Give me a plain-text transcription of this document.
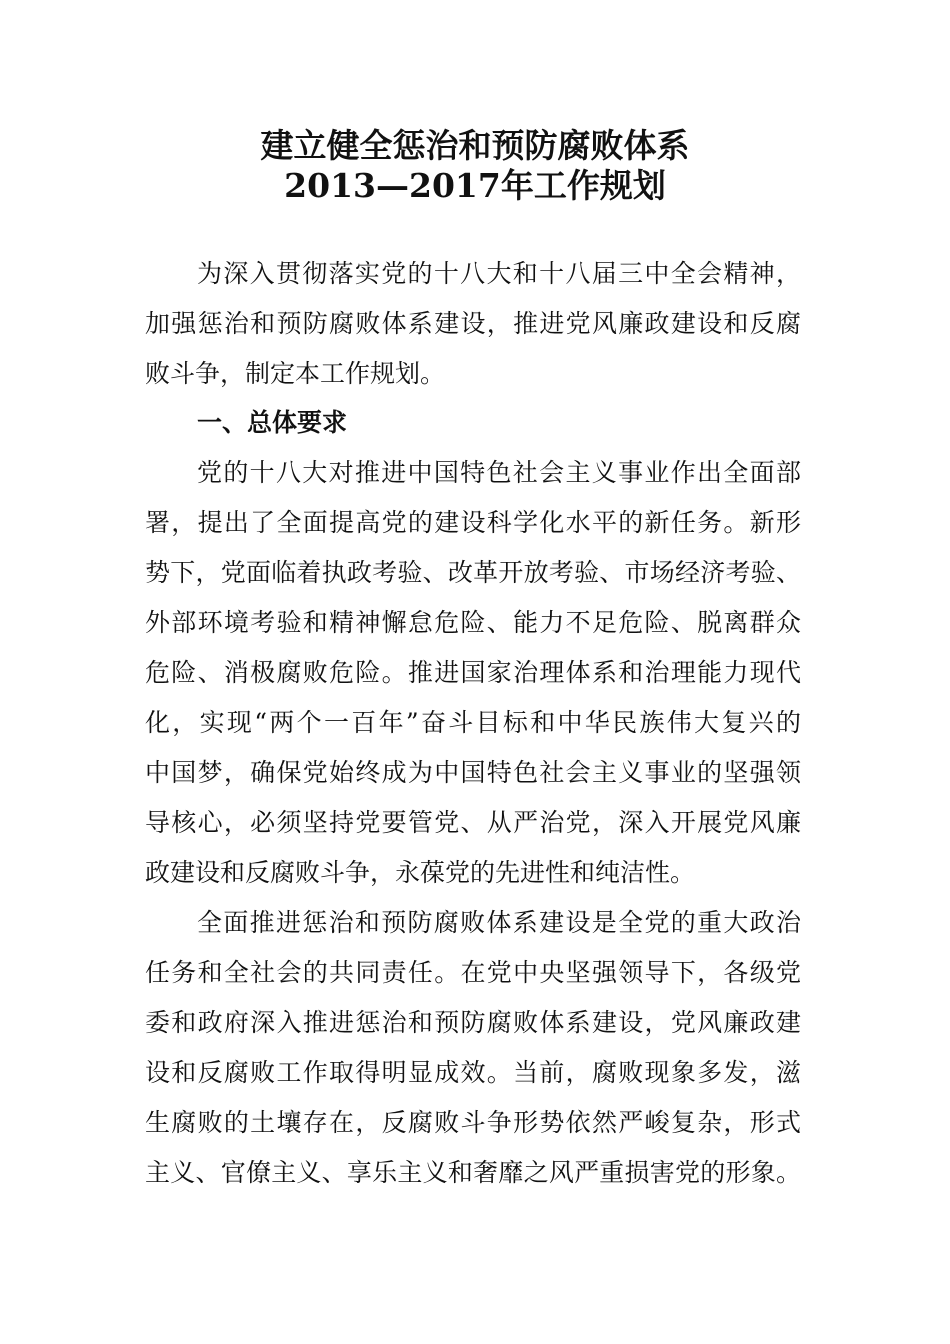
建立健全惩治和预防腐败体系
2013—2017年工作规划
为深入贯彻落实党的十八大和十八届三中全会精神，
加强惩治和预防腐败体系建设，推进党风廉政建设和反腐
败斗争，制定本工作规划。
一、总体要求
党的十八大对推进中国特色社会主义事业作出全面部
署，提出了全面提高党的建设科学化水平的新任务。新形
势下，党面临着执政考验、改革开放考验、市场经济考验、
外部环境考验和精神懈怠危险、能力不足危险、脱离群众
危险、消极腐败危险。推进国家治理体系和治理能力现代
化，实现“两个一百年”奋斗目标和中华民族伟大复兴的
中国梦，确保党始终成为中国特色社会主义事业的坚强领
导核心，必须坚持党要管党、从严治党，深入开展党风廉
政建设和反腐败斗争，永葆党的先进性和纯洁性。
全面推进惩治和预防腐败体系建设是全党的重大政治
任务和全社会的共同责任。在党中央坚强领导下，各级党
委和政府深入推进惩治和预防腐败体系建设，党风廉政建
设和反腐败工作取得明显成效。当前，腐败现象多发，滋
生腐败的土壤存在，反腐败斗争形势依然严峻复杂，形式
主义、官僚主义、享乐主义和奢靡之风严重损害党的形象。
